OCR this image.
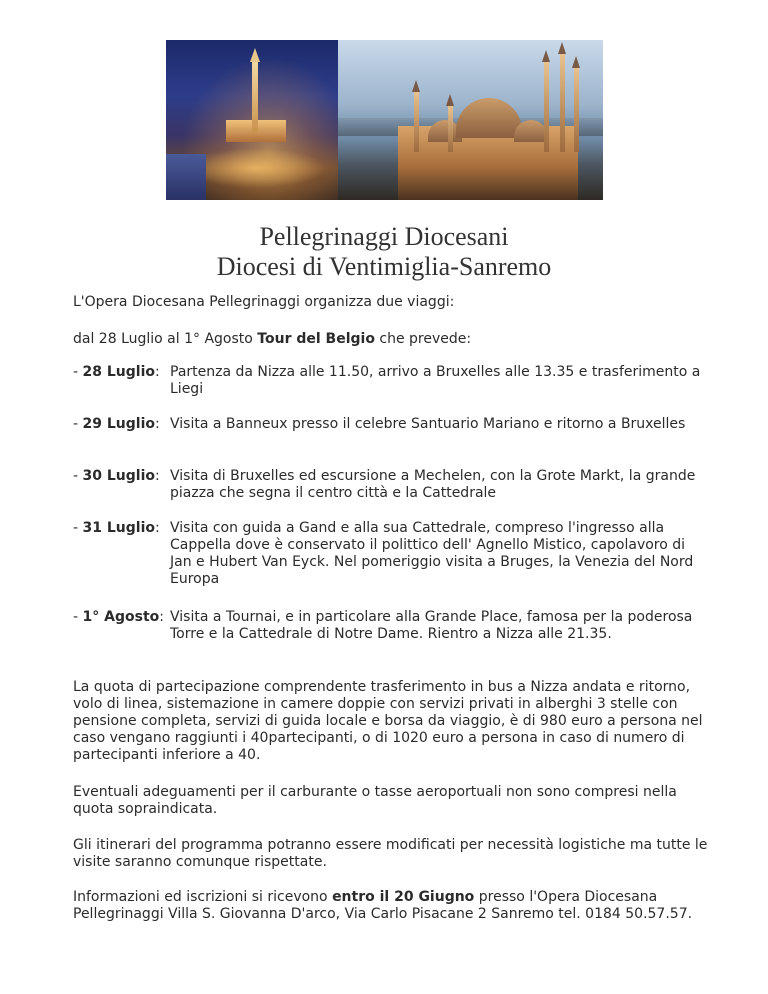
Pellegrinaggi Diocesani
Diocesi di Ventimiglia-Sanremo
L'Opera Diocesana Pellegrinaggi organizza due viaggi:
dal 28 Luglio al 1° Agosto Tour del Belgio che prevede:
- 28 Luglio: Partenza da Nizza alle 11.50, arrivo a Bruxelles alle 13.35 e trasferimento a Liegi
- 29 Luglio: Visita a Banneux presso il celebre Santuario Mariano e ritorno a Bruxelles
- 30 Luglio: Visita di Bruxelles ed escursione a Mechelen, con la Grote Markt, la grande piazza che segna il centro città e la Cattedrale
- 31 Luglio: Visita con guida a Gand e alla sua Cattedrale, compreso l'ingresso alla Cappella dove è conservato il polittico dell' Agnello Mistico, capolavoro di Jan e Hubert Van Eyck. Nel pomeriggio visita a Bruges, la Venezia del Nord Europa
- 1° Agosto: Visita a Tournai, e in particolare alla Grande Place, famosa per la poderosa Torre e la Cattedrale di Notre Dame. Rientro a Nizza alle 21.35.
La quota di partecipazione comprendente trasferimento in bus a Nizza andata e ritorno, volo di linea, sistemazione in camere doppie con servizi privati in alberghi 3 stelle con pensione completa, servizi di guida locale e borsa da viaggio, è di 980 euro a persona nel caso vengano raggiunti i 40partecipanti, o di 1020 euro a persona in caso di numero di partecipanti inferiore a 40.
Eventuali adeguamenti per il carburante o tasse aeroportuali non sono compresi nella quota sopraindicata.
Gli itinerari del programma potranno essere modificati per necessità logistiche ma tutte le visite saranno comunque rispettate.
Informazioni ed iscrizioni si ricevono entro il 20 Giugno presso l'Opera Diocesana Pellegrinaggi Villa S. Giovanna D'arco, Via Carlo Pisacane 2 Sanremo tel. 0184 50.57.57.
